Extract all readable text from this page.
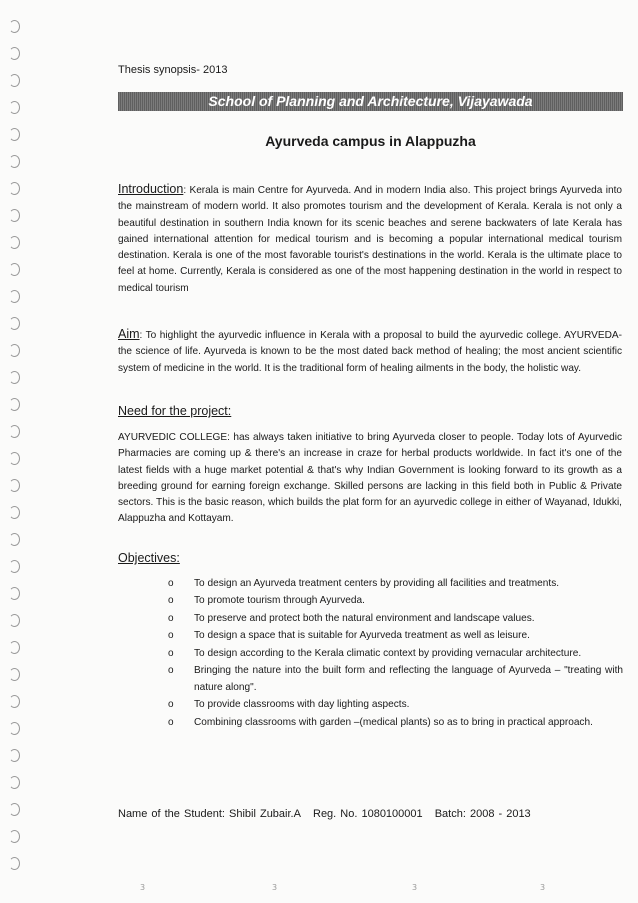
Thesis synopsis- 2013
School of Planning and Architecture, Vijayawada
Ayurveda campus in Alappuzha

Introduction: Kerala is main Centre for Ayurveda. And in modern India also. This project brings Ayurveda into the mainstream of modern world. It also promotes tourism and the development of Kerala. Kerala is not only a beautiful destination in southern India known for its scenic beaches and serene backwaters of late Kerala has gained international attention for medical tourism and is becoming a popular international medical tourism destination. Kerala is one of the most favorable tourist's destinations in the world. Kerala is the ultimate place to feel at home. Currently, Kerala is considered as one of the most happening destination in the world in respect to medical tourism

Aim: To highlight the ayurvedic influence in Kerala with a proposal to build the ayurvedic college. AYURVEDA- the science of life. Ayurveda is known to be the most dated back method of healing; the most ancient scientific system of medicine in the world. It is the traditional form of healing ailments in the body, the holistic way.

Need for the project:

AYURVEDIC COLLEGE: has always taken initiative to bring Ayurveda closer to people. Today lots of Ayurvedic Pharmacies are coming up & there's an increase in craze for herbal products worldwide. In fact it's one of the latest fields with a huge market potential & that's why Indian Government is looking forward to its growth as a breeding ground for earning foreign exchange. Skilled persons are lacking in this field both in Public & Private sectors. This is the basic reason, which builds the plat form for an ayurvedic college in either of Wayanad, Idukki, Alappuzha and Kottayam.

Objectives:
o To design an Ayurveda treatment centers by providing all facilities and treatments.
o To promote tourism through Ayurveda.
o To preserve and protect both the natural environment and landscape values.
o To design a space that is suitable for Ayurveda treatment as well as leisure.
o To design according to the Kerala climatic context by providing vernacular architecture.
o Bringing the nature into the built form and reflecting the language of Ayurveda – "treating with nature along".
o To provide classrooms with day lighting aspects.
o Combining classrooms with garden –(medical plants) so as to bring in practical approach.
Name of the Student: Shibil Zubair.A Reg. No. 1080100001 Batch: 2008 - 2013
3	3	3	3
